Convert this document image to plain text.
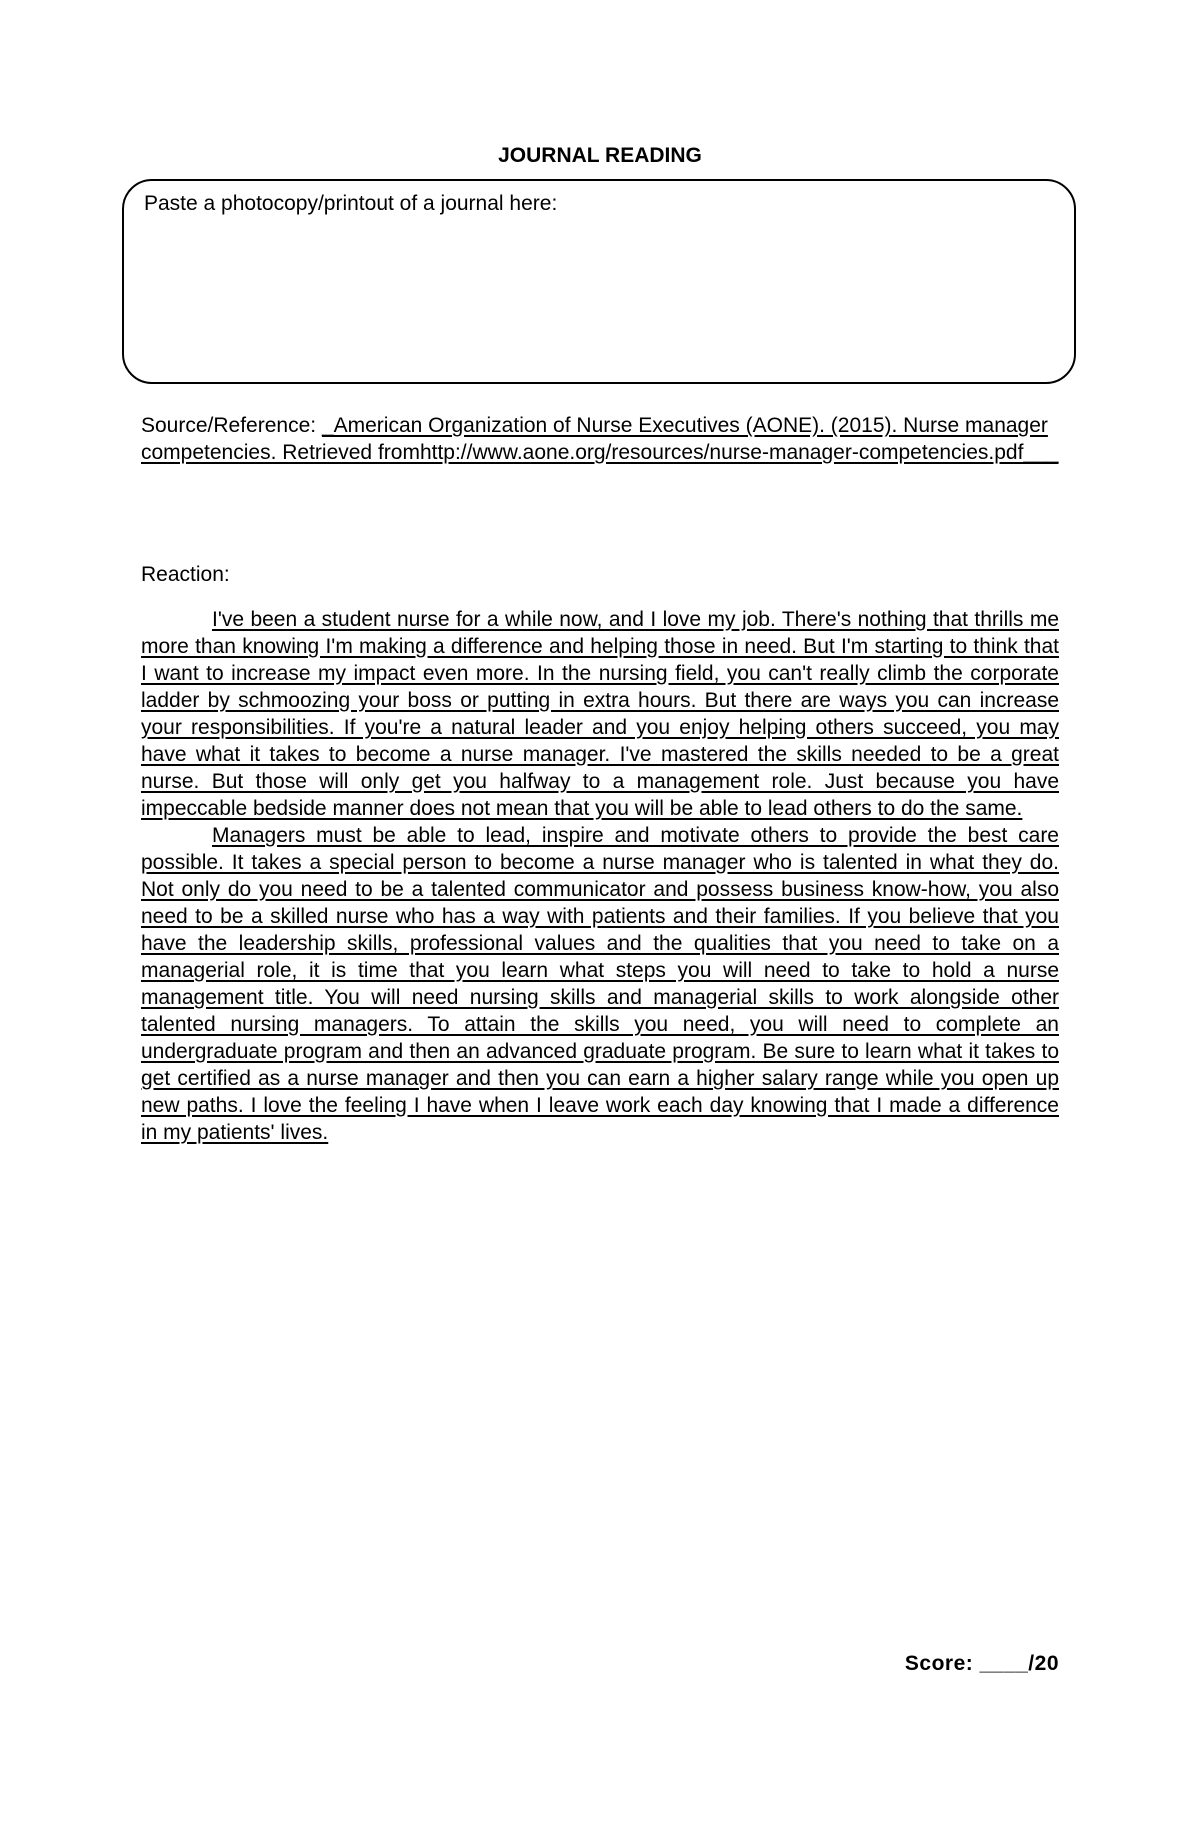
JOURNAL READING
Paste a photocopy/printout of a journal here:
Source/Reference: _American Organization of Nurse Executives (AONE). (2015). Nurse manager competencies. Retrieved fromhttp://www.aone.org/resources/nurse-manager-competencies.pdf___
Reaction:

I've been a student nurse for a while now, and I love my job. There's nothing that thrills me more than knowing I'm making a difference and helping those in need. But I'm starting to think that I want to increase my impact even more. In the nursing field, you can't really climb the corporate ladder by schmoozing your boss or putting in extra hours. But there are ways you can increase your responsibilities. If you're a natural leader and you enjoy helping others succeed, you may have what it takes to become a nurse manager. I've mastered the skills needed to be a great nurse. But those will only get you halfway to a management role. Just because you have impeccable bedside manner does not mean that you will be able to lead others to do the same.

Managers must be able to lead, inspire and motivate others to provide the best care possible. It takes a special person to become a nurse manager who is talented in what they do. Not only do you need to be a talented communicator and possess business know-how, you also need to be a skilled nurse who has a way with patients and their families. If you believe that you have the leadership skills, professional values and the qualities that you need to take on a managerial role, it is time that you learn what steps you will need to take to hold a nurse management title. You will need nursing skills and managerial skills to work alongside other talented nursing managers. To attain the skills you need, you will need to complete an undergraduate program and then an advanced graduate program. Be sure to learn what it takes to get certified as a nurse manager and then you can earn a higher salary range while you open up new paths. I love the feeling I have when I leave work each day knowing that I made a difference in my patients' lives.

Score: ____/20
